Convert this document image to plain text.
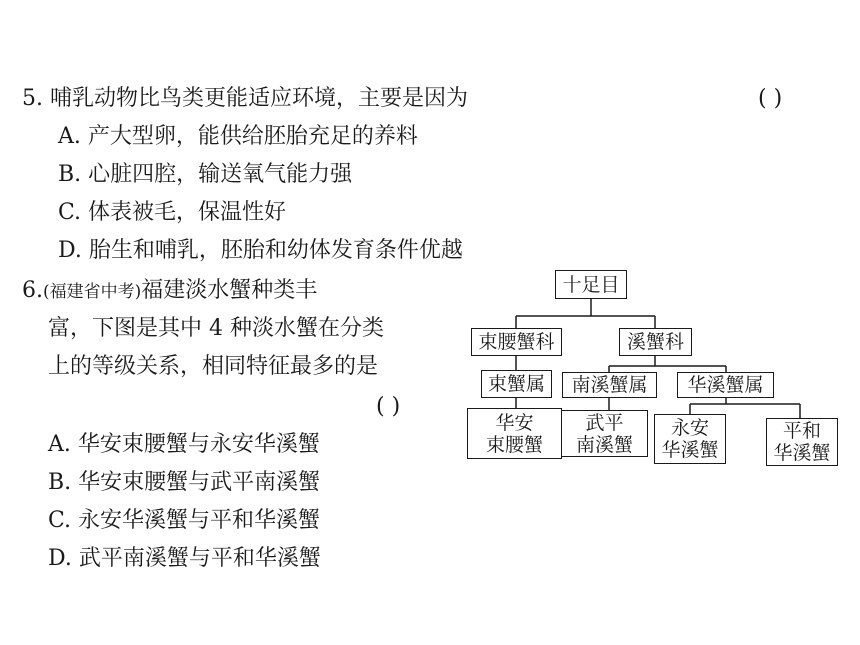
5. 哺乳动物比鸟类更能适应环境，主要是因为	( )
A. 产大型卵，能供给胚胎充足的养料
B. 心脏四腔，输送氧气能力强
C. 体表被毛，保温性好
D. 胎生和哺乳，胚胎和幼体发育条件优越
6.(福建省中考)福建淡水蟹种类丰
富，下图是其中 4 种淡水蟹在分类
上的等级关系，相同特征最多的是
( )
A. 华安束腰蟹与永安华溪蟹
B. 华安束腰蟹与武平南溪蟹
C. 永安华溪蟹与平和华溪蟹
D. 武平南溪蟹与平和华溪蟹
十足目
束腰蟹科	溪蟹科
束蟹属	南溪蟹属	华溪蟹属
华安
束腰蟹
武平
南溪蟹
永安
华溪蟹
平和
华溪蟹
